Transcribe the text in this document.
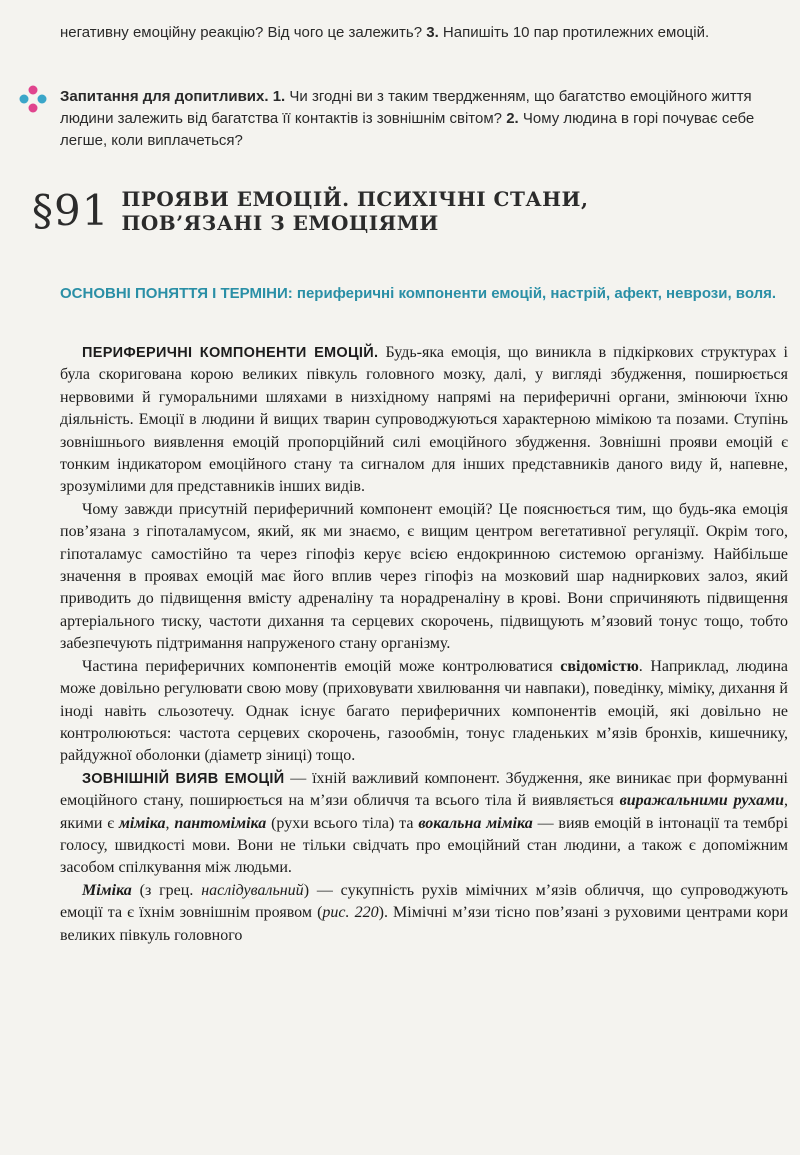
негативну емоційну реакцію? Від чого це залежить? 3. Напишіть 10 пар протилежних емоцій.
Запитання для допитливих. 1. Чи згодні ви з таким твердженням, що багатство емоційного життя людини залежить від багатства її контактів із зовнішнім світом? 2. Чому людина в горі почуває себе легше, коли виплачеться?
§91 ПРОЯВИ ЕМОЦІЙ. ПСИХІЧНІ СТАНИ,
ПОВ’ЯЗАНІ З ЕМОЦІЯМИ
ОСНОВНІ ПОНЯТТЯ І ТЕРМІНИ: периферичні компоненти емоцій, настрій, афект, неврози, воля.

ПЕРИФЕРИЧНІ КОМПОНЕНТИ ЕМОЦІЙ. Будь-яка емоція, що виникла в підкіркових структурах і була скоригована корою великих півкуль головного мозку, далі, у вигляді збудження, поширюється нервовими й гуморальними шляхами в низхідному напрямі на периферичні органи, змінюючи їхню діяльність. Емоції в людини й вищих тварин супроводжуються характерною мімікою та позами. Ступінь зовнішнього виявлення емоцій пропорційний силі емоційного збудження. Зовнішні прояви емоцій є тонким індикатором емоційного стану та сигналом для інших представників даного виду й, напевне, зрозумілими для представників інших видів.

Чому завжди присутній периферичний компонент емоцій? Це пояснюється тим, що будь-яка емоція пов’язана з гіпоталамусом, який, як ми знаємо, є вищим центром вегетативної регуляції. Окрім того, гіпоталамус самостійно та через гіпофіз керує всією ендокринною системою організму. Найбільше значення в проявах емоцій має його вплив через гіпофіз на мозковий шар надниркових залоз, який приводить до підвищення вмісту адреналіну та норадреналіну в крові. Вони спричиняють підвищення артеріального тиску, частоти дихання та серцевих скорочень, підвищують м’язовий тонус тощо, тобто забезпечують підтримання напруженого стану організму.

Частина периферичних компонентів емоцій може контролюватися свідомістю. Наприклад, людина може довільно регулювати свою мову (приховувати хвилювання чи навпаки), поведінку, міміку, дихання й іноді навіть сльозотечу. Однак існує багато периферичних компонентів емоцій, які довільно не контролюються: частота серцевих скорочень, газообмін, тонус гладеньких м’язів бронхів, кишечнику, райдужної оболонки (діаметр зіниці) тощо.

ЗОВНІШНІЙ ВИЯВ ЕМОЦІЙ — їхній важливий компонент. Збудження, яке виникає при формуванні емоційного стану, поширюється на м’язи обличчя та всього тіла й виявляється виражальними рухами, якими є міміка, пантоміміка (рухи всього тіла) та вокальна міміка — вияв емоцій в інтонації та тембрі голосу, швидкості мови. Вони не тільки свідчать про емоційний стан людини, а також є допоміжним засобом спілкування між людьми.

Міміка (з грец. наслідувальний) — сукупність рухів мімічних м’язів обличчя, що супроводжують емоції та є їхнім зовнішнім проявом (рис. 220). Мімічні м’язи тісно пов’язані з руховими центрами кори великих півкуль головного
